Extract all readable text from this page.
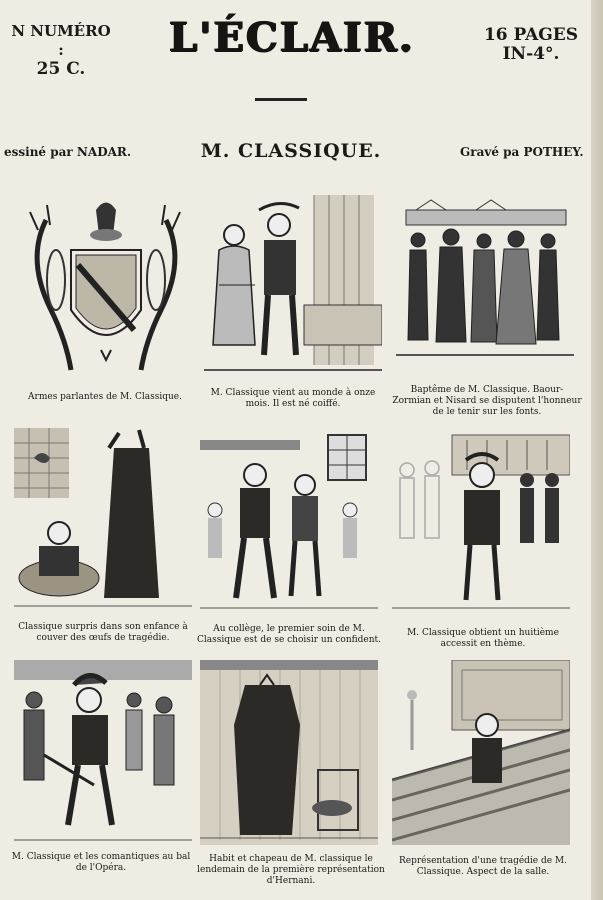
N NUMÉRO :
25 C.
L'ÉCLAIR.	16 PAGES
IN-4°.
essiné par NADAR.	M. CLASSIQUE.	Gravé pa POTHEY.
Armes parlantes de M. Classique.	M. Classique vient au monde à onze mois. Il est né coiffé.
Baptême de M. Classique. Baour-Zormian et Nisard se disputent l'honneur de le tenir sur les fonts.
Classique surpris dans son enfance à couver des œufs de tragédie.
Au collège, le premier soin de M. Classique est de se choisir un confident.
M. Classique obtient un huitième accessit en thème.
M. Classique et les comantiques au bal de l'Opéra.
Habit et chapeau de M. classique le lendemain de la première représentation d'Hernani.
Représentation d'une tragédie de M. Classique. Aspect de la salle.
